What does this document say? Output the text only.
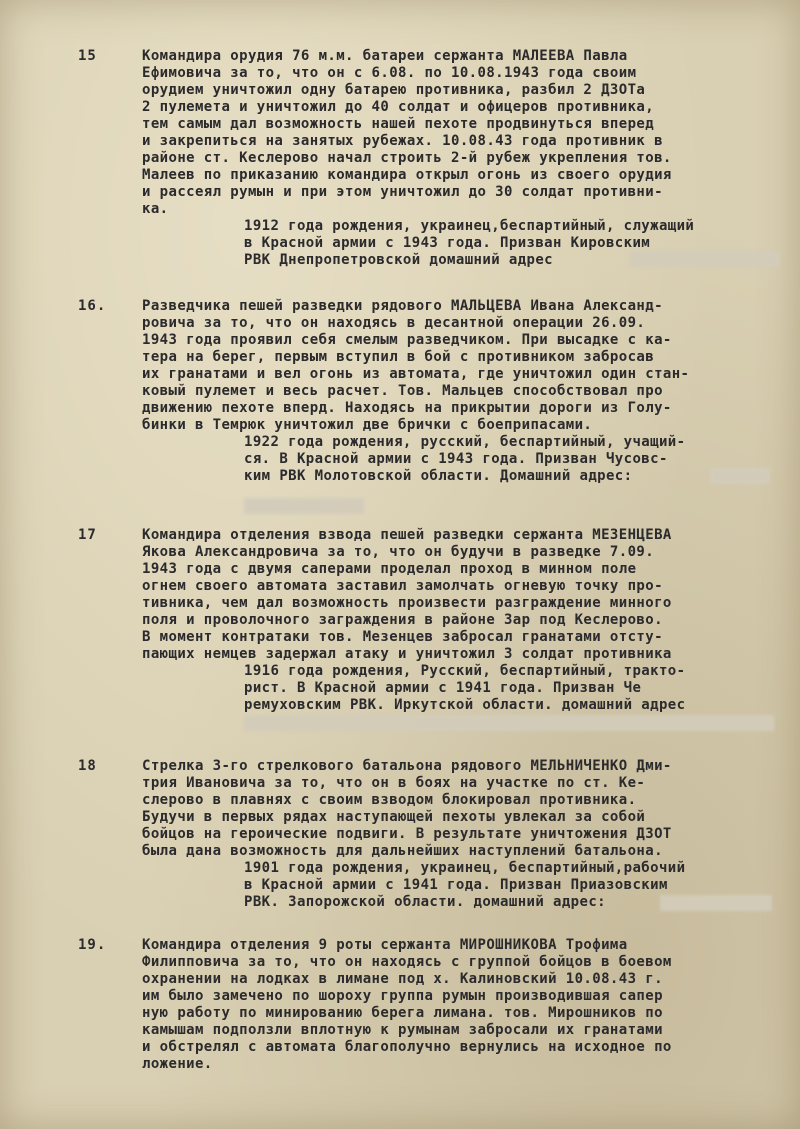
15	Командира орудия 76 м.м. батареи сержанта МАЛЕЕВА Павла
Ефимовича за то, что он с 6.08. по 10.08.1943 года своим
орудием уничтожил одну батарею противника, разбил 2 ДЗОТа
2 пулемета и уничтожил до 40 солдат и офицеров противника,
тем самым дал возможность нашей пехоте продвинуться вперед
и закрепиться на занятых рубежах. 10.08.43 года противник в
районе ст. Кеслерово начал строить 2-й рубеж укрепления тов.
Малеев по приказанию командира открыл огонь из своего орудия
и рассеял румын и при этом уничтожил до 30 солдат противни-
ка.
1912 года рождения, украинец,беспартийный, служащий
в Красной армии с 1943 года. Призван Кировским
РВК Днепропетровской домашний адрес
16.	Разведчика пешей разведки рядового МАЛЬЦЕВА Ивана Александ-
ровича за то, что он находясь в десантной операции 26.09.
1943 года проявил себя смелым разведчиком. При высадке с ка-
тера на берег, первым вступил в бой с противником забросав
их гранатами и вел огонь из автомата, где уничтожил один стан-
ковый пулемет и весь расчет. Тов. Мальцев способствовал про
движению пехоте вперд. Находясь на прикрытии дороги из Голу-
бинки в Темрюк уничтожил две брички с боеприпасами.
1922 года рождения, русский, беспартийный, учащий-
ся. В Красной армии с 1943 года. Призван Чусовс-
ким РВК Молотовской области. Домашний адрес:
17	Командира отделения взвода пешей разведки сержанта МЕЗЕНЦЕВА
Якова Александровича за то, что он будучи в разведке 7.09.
1943 года с двумя саперами проделал проход в минном поле
огнем своего автомата заставил замолчать огневую точку про-
тивника, чем дал возможность произвести разграждение минного
поля и проволочного заграждения в районе Зар под Кеслерово.
В момент контратаки тов. Мезенцев забросал гранатами отсту-
пающих немцев задержал атаку и уничтожил 3 солдат противника
1916 года рождения, Русский, беспартийный, тракто-
рист. В Красной армии с 1941 года. Призван Че
ремуховским РВК. Иркутской области. домашний адрес
18	Стрелка 3-го стрелкового батальона рядового МЕЛЬНИЧЕНКО Дми-
трия Ивановича за то, что он в боях на участке по ст. Ке-
слерово в плавнях с своим взводом блокировал противника.
Будучи в первых рядах наступающей пехоты увлекал за собой
бойцов на героические подвиги. В результате уничтожения ДЗОТ
была дана возможность для дальнейших наступлений батальона.
1901 года рождения, украинец, беспартийный,рабочий
в Красной армии с 1941 года. Призван Приазовским
РВК. Запорожской области. домашний адрес:
19.	Командира отделения 9 роты сержанта МИРОШНИКОВА Трофима
Филипповича за то, что он находясь с группой бойцов в боевом
охранении на лодках в лимане под х. Калиновский 10.08.43 г.
им было замечено по шороху группа румын производившая сапер
ную работу по минированию берега лимана. тов. Мирошников по
камышам подползли вплотную к румынам забросали их гранатами
и обстрелял с автомата благополучно вернулись на исходное по
ложение.
